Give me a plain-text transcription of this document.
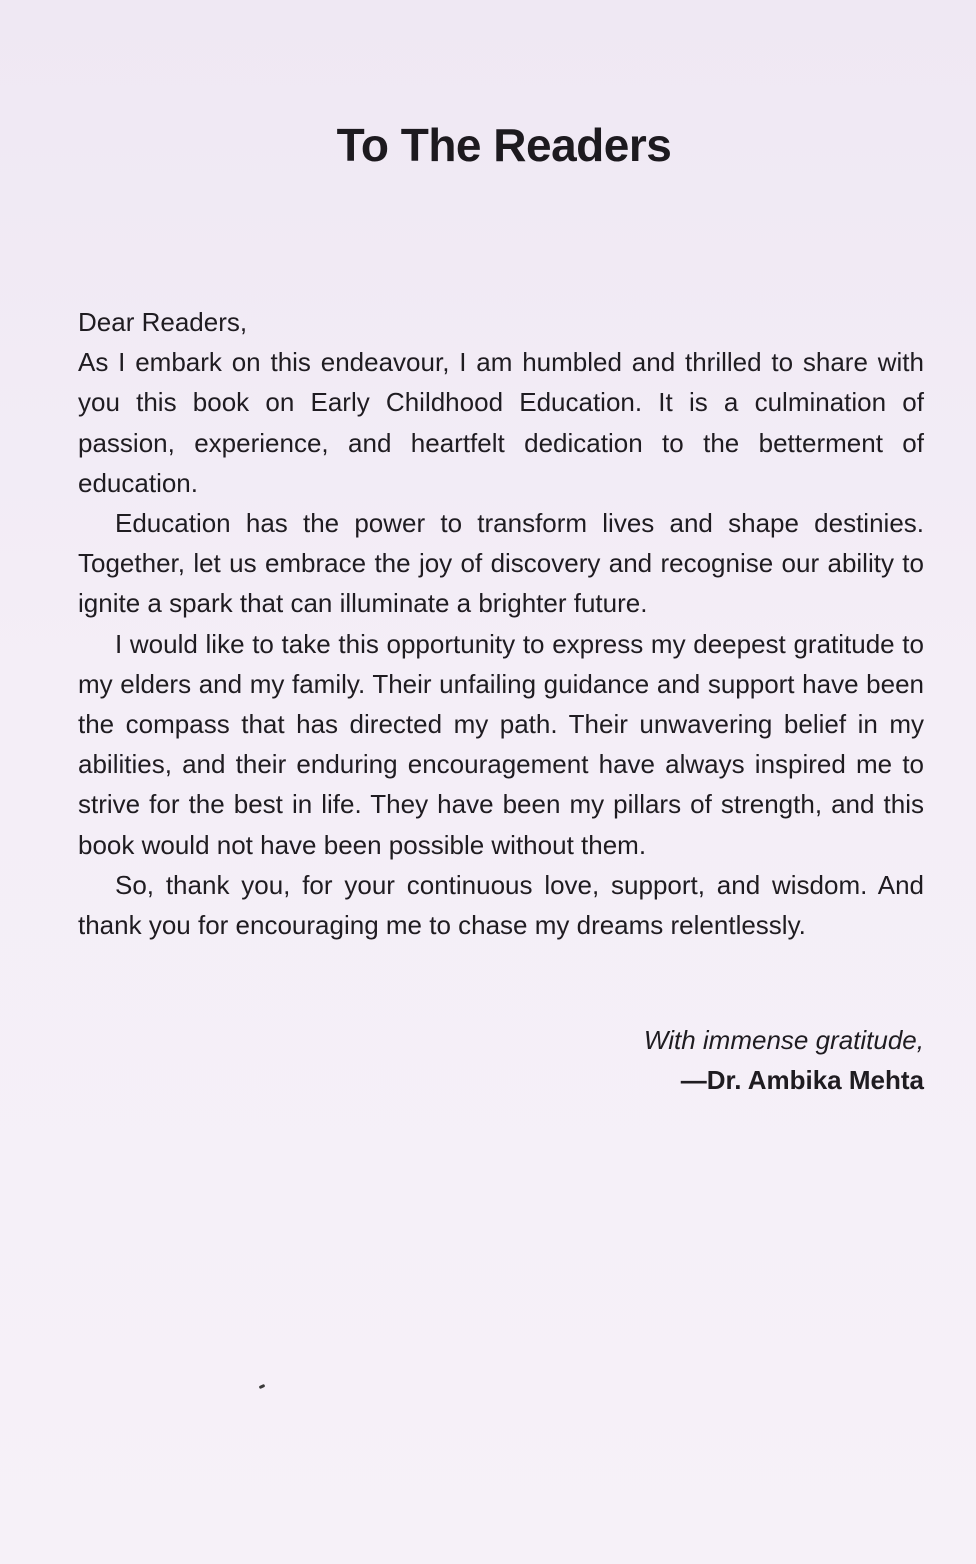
To The Readers
Dear Readers,

As I embark on this endeavour, I am humbled and thrilled to share with you this book on Early Childhood Education. It is a culmination of passion, experience, and heartfelt dedication to the betterment of education.

Education has the power to transform lives and shape destinies. Together, let us embrace the joy of discovery and recognise our ability to ignite a spark that can illuminate a brighter future.

I would like to take this opportunity to express my deepest gratitude to my elders and my family. Their unfailing guidance and support have been the compass that has directed my path. Their unwavering belief in my abilities, and their enduring encouragement have always inspired me to strive for the best in life. They have been my pillars of strength, and this book would not have been possible without them.

So, thank you, for your continuous love, support, and wisdom. And thank you for encouraging me to chase my dreams relentlessly.

With immense gratitude,
—Dr. Ambika Mehta
